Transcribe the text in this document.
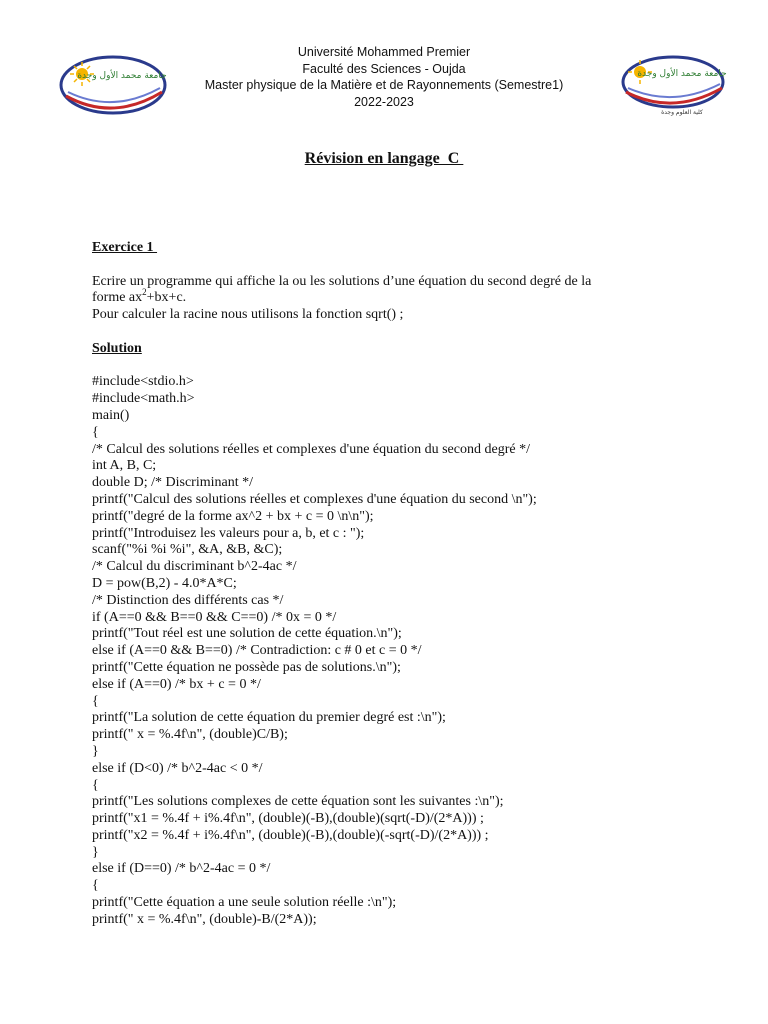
جامعة محمد الأول وجدة	جامعة محمد الأول وجدة
كلية العلوم وجدة
Université Mohammed Premier
Faculté des Sciences - Oujda
Master physique de la Matière et de Rayonnements (Semestre1)
2022-2023
Révision en langage  C
Exercice 1
Ecrire un programme qui affiche la ou les solutions d’une équation du second degré de la
forme $ax^2+bx+c$.
Pour calculer la racine nous utilisons la fonction sqrt() ;
Solution
#include<stdio.h>
#include<math.h>
main()
{
/* Calcul des solutions réelles et complexes d'une équation du second degré */
int A, B, C;
double D; /* Discriminant */
printf("Calcul des solutions réelles et complexes d'une équation du second \n");
printf("degré de la forme ax^2 + bx + c = 0 \n\n");
printf("Introduisez les valeurs pour a, b, et c : ");
scanf("%i %i %i", &A, &B, &C);
/* Calcul du discriminant b^2-4ac */
D = pow(B,2) - 4.0*A*C;
/* Distinction des différents cas */
if (A==0 && B==0 && C==0) /* 0x = 0 */
printf("Tout réel est une solution de cette équation.\n");
else if (A==0 && B==0) /* Contradiction: c # 0 et c = 0 */
printf("Cette équation ne possède pas de solutions.\n");
else if (A==0) /* bx + c = 0 */
{
printf("La solution de cette équation du premier degré est :\n");
printf(" x = %.4f\n", (double)C/B);
}
else if (D<0) /* b^2-4ac < 0 */
{
printf("Les solutions complexes de cette équation sont les suivantes :\n");
printf("x1 = %.4f + i%.4f\n", (double)(-B),(double)(sqrt(-D)/(2*A))) ;
printf("x2 = %.4f + i%.4f\n", (double)(-B),(double)(-sqrt(-D)/(2*A))) ;
}
else if (D==0) /* b^2-4ac = 0 */
{
printf("Cette équation a une seule solution réelle :\n");
printf(" x = %.4f\n", (double)-B/(2*A));
